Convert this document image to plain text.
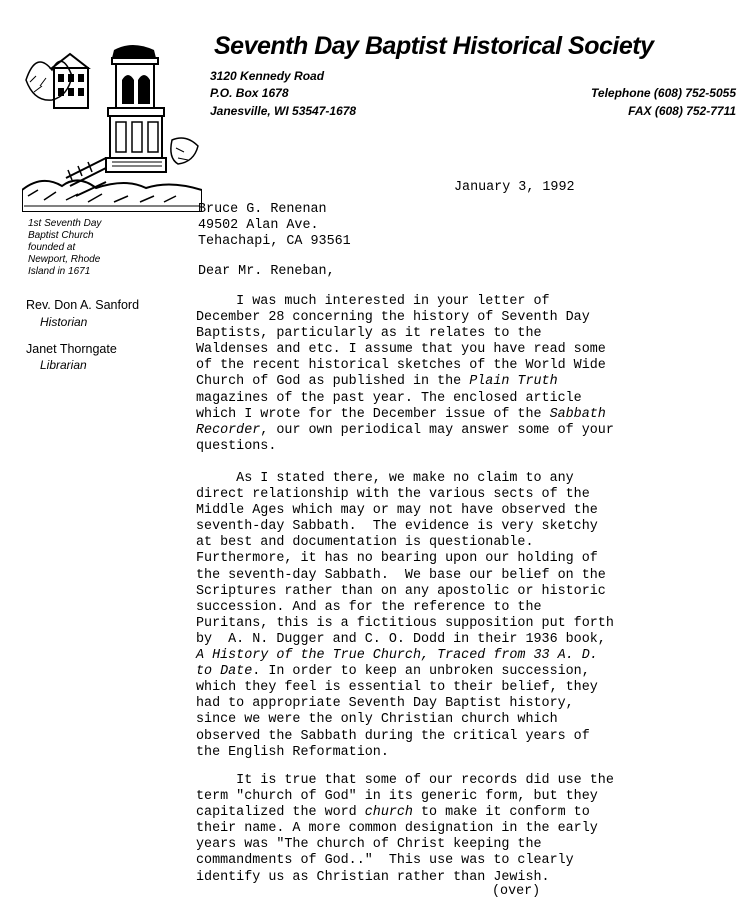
Seventh Day Baptist Historical Society
3120 Kennedy Road
P.O. Box 1678
Janesville, WI 53547-1678
Telephone (608) 752-5055
FAX (608) 752-7711
1st Seventh Day
Baptist Church
founded at
Newport, Rhode
Island in 1671
Rev. Don A. Sanford
Historian
Janet Thorngate
Librarian
January 3, 1992
Bruce G. Renenan
49502 Alan Ave.
Tehachapi, CA 93561
Dear Mr. Reneban,
I was much interested in your letter of
December 28 concerning the history of Seventh Day
Baptists, particularly as it relates to the
Waldenses and etc. I assume that you have read some
of the recent historical sketches of the World Wide
Church of God as published in the Plain Truth
magazines of the past year. The enclosed article
which I wrote for the December issue of the Sabbath
Recorder, our own periodical may answer some of your
questions.
As I stated there, we make no claim to any
direct relationship with the various sects of the
Middle Ages which may or may not have observed the
seventh-day Sabbath.  The evidence is very sketchy
at best and documentation is questionable.
Furthermore, it has no bearing upon our holding of
the seventh-day Sabbath.  We base our belief on the
Scriptures rather than on any apostolic or historic
succession. And as for the reference to the
Puritans, this is a fictitious supposition put forth
by  A. N. Dugger and C. O. Dodd in their 1936 book,
A History of the True Church, Traced from 33 A. D.
to Date. In order to keep an unbroken succession,
which they feel is essential to their belief, they
had to appropriate Seventh Day Baptist history,
since we were the only Christian church which
observed the Sabbath during the critical years of
the English Reformation.
It is true that some of our records did use the
term "church of God" in its generic form, but they
capitalized the word church to make it conform to
their name. A more common designation in the early
years was "The church of Christ keeping the
commandments of God.."  This use was to clearly
identify us as Christian rather than Jewish.
(over)
